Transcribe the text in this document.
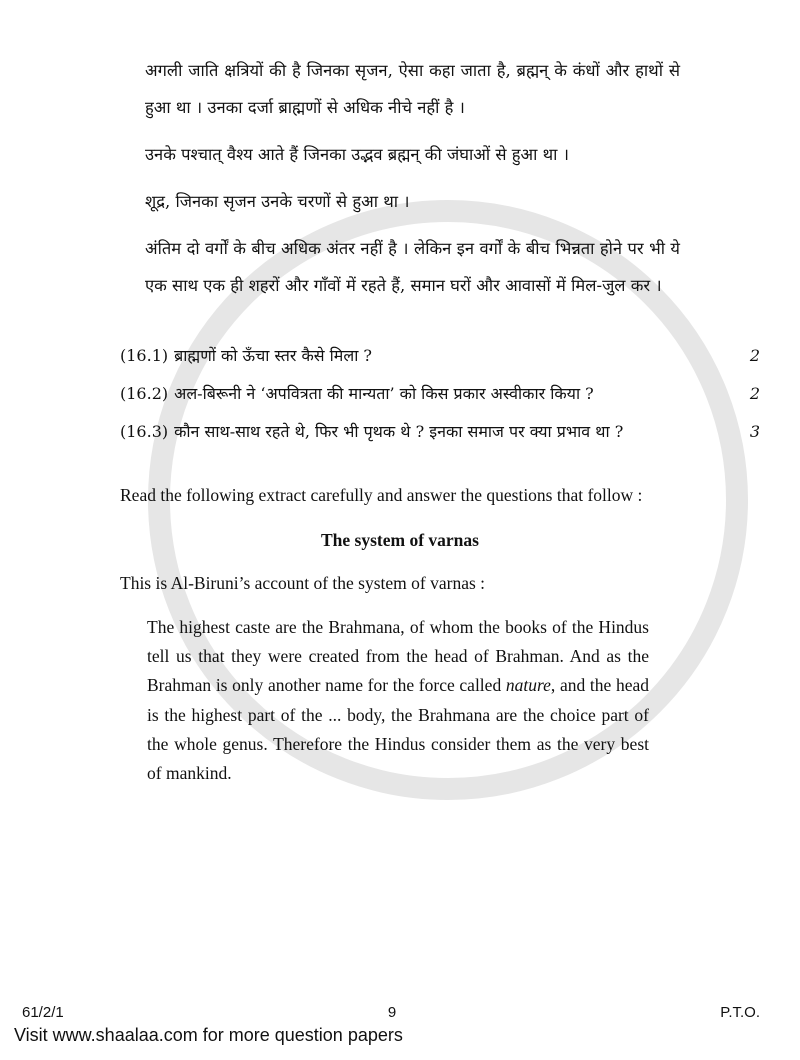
अगली जाति क्षत्रियों की है जिनका सृजन, ऐसा कहा जाता है, ब्रह्मन् के कंधों और हाथों से हुआ था । उनका दर्जा ब्राह्मणों से अधिक नीचे नहीं है ।
उनके पश्चात् वैश्य आते हैं जिनका उद्भव ब्रह्मन् की जंघाओं से हुआ था ।
शूद्र, जिनका सृजन उनके चरणों से हुआ था ।
अंतिम दो वर्गों के बीच अधिक अंतर नहीं है । लेकिन इन वर्गों के बीच भिन्नता होने पर भी ये एक साथ एक ही शहरों और गाँवों में रहते हैं, समान घरों और आवासों में मिल-जुल कर ।
(16.1) ब्राह्मणों को ऊँचा स्तर कैसे मिला ?	2
(16.2) अल-बिरूनी ने ‘अपवित्रता की मान्यता’ को किस प्रकार अस्वीकार किया ?	2
(16.3) कौन साथ-साथ रहते थे, फिर भी पृथक थे ? इनका समाज पर क्या प्रभाव था ?	3
Read the following extract carefully and answer the questions that follow :
The system of varnas
This is Al-Biruni’s account of the system of varnas :
The highest caste are the Brahmana, of whom the books of the Hindus tell us that they were created from the head of Brahman. And as the Brahman is only another name for the force called nature, and the head is the highest part of the ... body, the Brahmana are the choice part of the whole genus. Therefore the Hindus consider them as the very best of mankind.
61/2/1	9	P.T.O.
Visit www.shaalaa.com for more question papers
